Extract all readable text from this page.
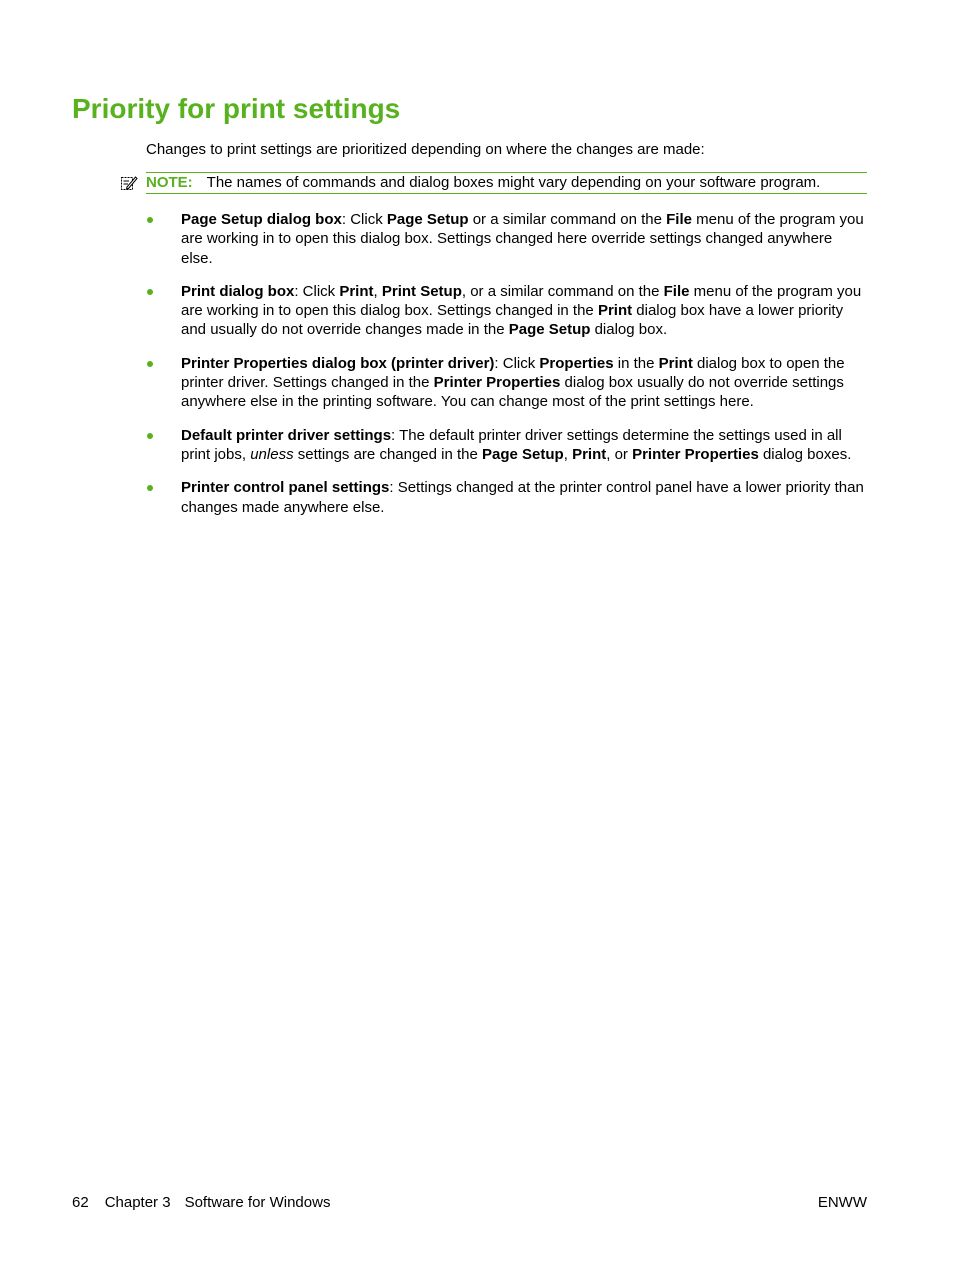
Priority for print settings

Changes to print settings are prioritized depending on where the changes are made:

NOTE: The names of commands and dialog boxes might vary depending on your software program.
Page Setup dialog box: Click Page Setup or a similar command on the File menu of the program you are working in to open this dialog box. Settings changed here override settings changed anywhere else.
Print dialog box: Click Print, Print Setup, or a similar command on the File menu of the program you are working in to open this dialog box. Settings changed in the Print dialog box have a lower priority and usually do not override changes made in the Page Setup dialog box.
Printer Properties dialog box (printer driver): Click Properties in the Print dialog box to open the printer driver. Settings changed in the Printer Properties dialog box usually do not override settings anywhere else in the printing software. You can change most of the print settings here.
Default printer driver settings: The default printer driver settings determine the settings used in all print jobs, unless settings are changed in the Page Setup, Print, or Printer Properties dialog boxes.
Printer control panel settings: Settings changed at the printer control panel have a lower priority than changes made anywhere else.
62 Chapter 3 Software for Windows	ENWW
